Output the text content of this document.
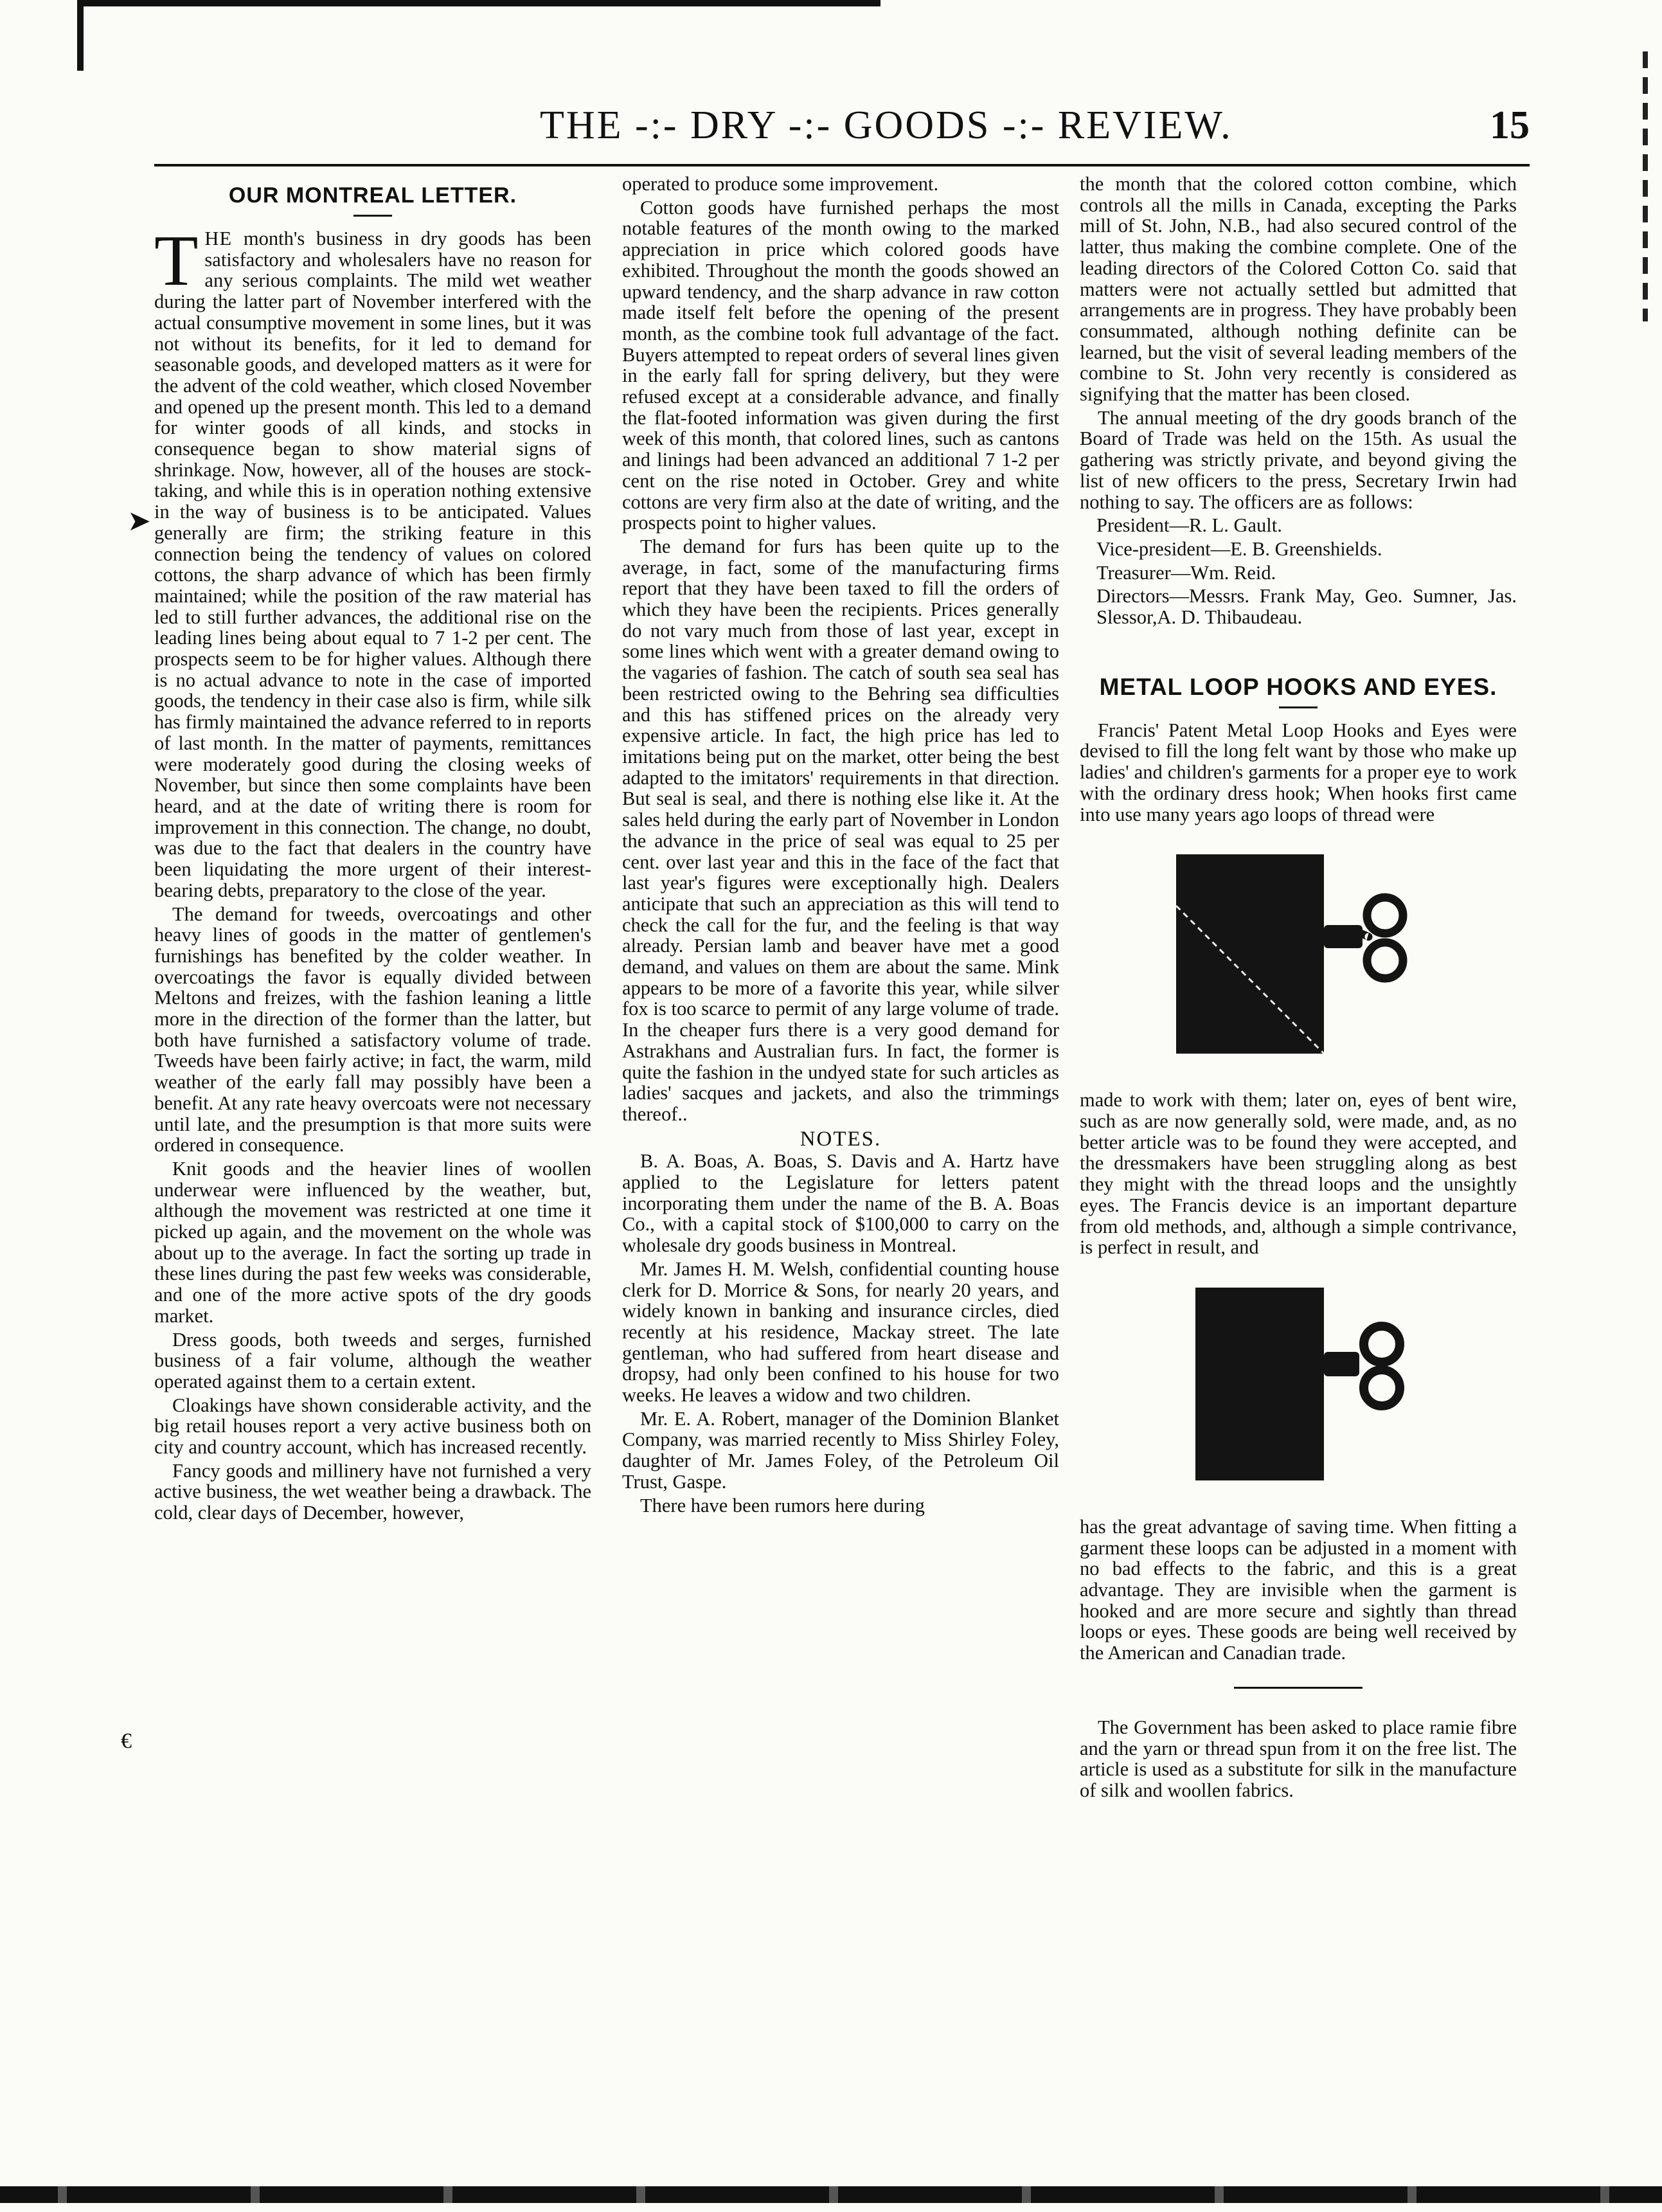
THE -:- DRY -:- GOODS -:- REVIEW.	15
➤
€
OUR MONTREAL LETTER.

THE month's business in dry goods has been satisfactory and wholesalers have no reason for any serious complaints. The mild wet weather during the latter part of November interfered with the actual consumptive movement in some lines, but it was not without its benefits, for it led to demand for seasonable goods, and developed matters as it were for the advent of the cold weather, which closed November and opened up the present month. This led to a demand for winter goods of all kinds, and stocks in consequence began to show material signs of shrinkage. Now, however, all of the houses are stock-taking, and while this is in operation nothing extensive in the way of business is to be anticipated. Values generally are firm; the striking feature in this connection being the tendency of values on colored cottons, the sharp advance of which has been firmly maintained; while the position of the raw material has led to still further advances, the additional rise on the leading lines being about equal to 7 1-2 per cent. The prospects seem to be for higher values. Although there is no actual advance to note in the case of imported goods, the tendency in their case also is firm, while silk has firmly maintained the advance referred to in reports of last month. In the matter of payments, remittances were moderately good during the closing weeks of November, but since then some complaints have been heard, and at the date of writing there is room for improvement in this connection. The change, no doubt, was due to the fact that dealers in the country have been liquidating the more urgent of their interest-bearing debts, preparatory to the close of the year.

The demand for tweeds, overcoatings and other heavy lines of goods in the matter of gentlemen's furnishings has benefited by the colder weather. In overcoatings the favor is equally divided between Meltons and freizes, with the fashion leaning a little more in the direction of the former than the latter, but both have furnished a satisfactory volume of trade. Tweeds have been fairly active; in fact, the warm, mild weather of the early fall may possibly have been a benefit. At any rate heavy overcoats were not necessary until late, and the presumption is that more suits were ordered in consequence.

Knit goods and the heavier lines of woollen underwear were influenced by the weather, but, although the movement was restricted at one time it picked up again, and the movement on the whole was about up to the average. In fact the sorting up trade in these lines during the past few weeks was considerable, and one of the more active spots of the dry goods market.

Dress goods, both tweeds and serges, furnished business of a fair volume, although the weather operated against them to a certain extent.

Cloakings have shown considerable activity, and the big retail houses report a very active business both on city and country account, which has increased recently.

Fancy goods and millinery have not furnished a very active business, the wet weather being a drawback. The cold, clear days of December, however,

operated to produce some improvement.

Cotton goods have furnished perhaps the most notable features of the month owing to the marked appreciation in price which colored goods have exhibited. Throughout the month the goods showed an upward tendency, and the sharp advance in raw cotton made itself felt before the opening of the present month, as the combine took full advantage of the fact. Buyers attempted to repeat orders of several lines given in the early fall for spring delivery, but they were refused except at a considerable advance, and finally the flat-footed information was given during the first week of this month, that colored lines, such as cantons and linings had been advanced an additional 7 1-2 per cent on the rise noted in October. Grey and white cottons are very firm also at the date of writing, and the prospects point to higher values.

The demand for furs has been quite up to the average, in fact, some of the manufacturing firms report that they have been taxed to fill the orders of which they have been the recipients. Prices generally do not vary much from those of last year, except in some lines which went with a greater demand owing to the vagaries of fashion. The catch of south sea seal has been restricted owing to the Behring sea difficulties and this has stiffened prices on the already very expensive article. In fact, the high price has led to imitations being put on the market, otter being the best adapted to the imitators' requirements in that direction. But seal is seal, and there is nothing else like it. At the sales held during the early part of November in London the advance in the price of seal was equal to 25 per cent. over last year and this in the face of the fact that last year's figures were exceptionally high. Dealers anticipate that such an appreciation as this will tend to check the call for the fur, and the feeling is that way already. Persian lamb and beaver have met a good demand, and values on them are about the same. Mink appears to be more of a favorite this year, while silver fox is too scarce to permit of any large volume of trade. In the cheaper furs there is a very good demand for Astrakhans and Australian furs. In fact, the former is quite the fashion in the undyed state for such articles as ladies' sacques and jackets, and also the trimmings thereof..

NOTES.

B. A. Boas, A. Boas, S. Davis and A. Hartz have applied to the Legislature for letters patent incorporating them under the name of the B. A. Boas Co., with a capital stock of $100,000 to carry on the wholesale dry goods business in Montreal.

Mr. James H. M. Welsh, confidential counting house clerk for D. Morrice & Sons, for nearly 20 years, and widely known in banking and insurance circles, died recently at his residence, Mackay street. The late gentleman, who had suffered from heart disease and dropsy, had only been confined to his house for two weeks. He leaves a widow and two children.

Mr. E. A. Robert, manager of the Dominion Blanket Company, was married recently to Miss Shirley Foley, daughter of Mr. James Foley, of the Petroleum Oil Trust, Gaspe.

There have been rumors here during

the month that the colored cotton combine, which controls all the mills in Canada, excepting the Parks mill of St. John, N.B., had also secured control of the latter, thus making the combine complete. One of the leading directors of the Colored Cotton Co. said that matters were not actually settled but admitted that arrangements are in progress. They have probably been consummated, although nothing definite can be learned, but the visit of several leading members of the combine to St. John very recently is considered as signifying that the matter has been closed.

The annual meeting of the dry goods branch of the Board of Trade was held on the 15th. As usual the gathering was strictly private, and beyond giving the list of new officers to the press, Secretary Irwin had nothing to say. The officers are as follows:

President—R. L. Gault.

Vice-president—E. B. Greenshields.

Treasurer—Wm. Reid.

Directors—Messrs. Frank May, Geo. Sumner, Jas. Slessor,A. D. Thibaudeau.

METAL LOOP HOOKS AND EYES.

Francis' Patent Metal Loop Hooks and Eyes were devised to fill the long felt want by those who make up ladies' and children's garments for a proper eye to work with the ordinary dress hook; When hooks first came into use many years ago loops of thread were

made to work with them; later on, eyes of bent wire, such as are now generally sold, were made, and, as no better article was to be found they were accepted, and the dressmakers have been struggling along as best they might with the thread loops and the unsightly eyes. The Francis device is an important departure from old methods, and, although a simple contrivance, is perfect in result, and

has the great advantage of saving time. When fitting a garment these loops can be adjusted in a moment with no bad effects to the fabric, and this is a great advantage. They are invisible when the garment is hooked and are more secure and sightly than thread loops or eyes. These goods are being well received by the American and Canadian trade.

The Government has been asked to place ramie fibre and the yarn or thread spun from it on the free list. The article is used as a substitute for silk in the manufacture of silk and woollen fabrics.
